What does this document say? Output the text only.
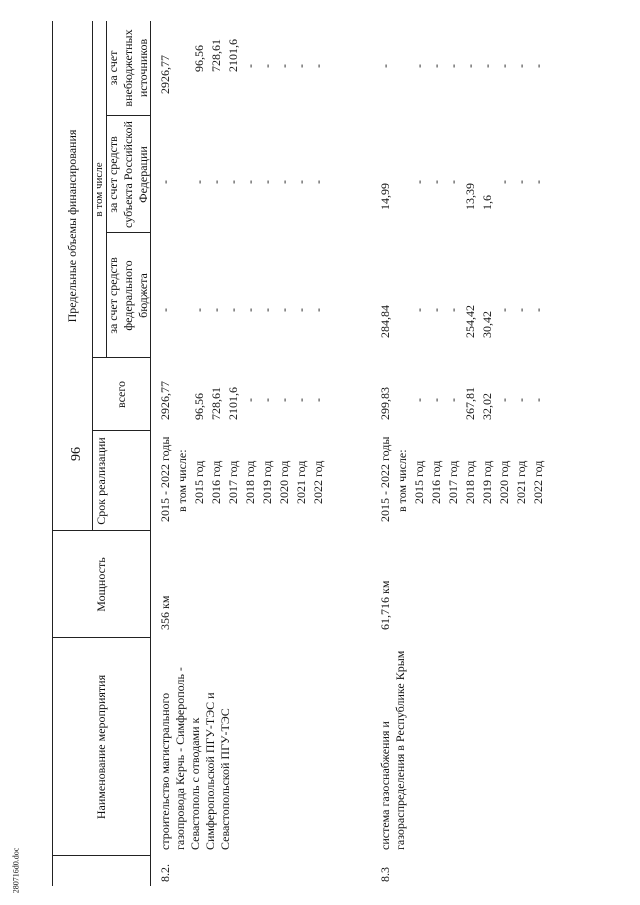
96
280716d0.doc
Наименование мероприятия
Мощность
Срок реализации
Предельные объемы финансирования
всего
в том числе
за счет средств федерального бюджета
за счет средств субъекта Российской Федерации
за счет внебюджетных источников
8.2.
строительство магистрального газопровода Керчь - Симферополь - Севастополь с отводами к Симферопольской ПГУ-ТЭС и Севастопольской ПГУ-ТЭС
356 км
2015 - 2022 годы в том числе: 2015 год 2016 год 2017 год 2018 год 2019 год 2020 год 2021 год 2022 год
2926,77 96,56 728,61 2101,6 - - - - -
- - - - - - - - -
- - - - - - - - -
2926,77 96,56 728,61 2101,6 - - - - -
8.3
система газоснабжения и газораспределения в Республике Крым
61,716 км
2015 - 2022 годы в том числе: 2015 год 2016 год 2017 год 2018 год 2019 год 2020 год 2021 год 2022 год
299,83 - - - 267,81 32,02 - - -
284,84 - - - 254,42 30,42
- - -
14,99
- - -
13,39 1,6
- - -
- - - - - - - - -
